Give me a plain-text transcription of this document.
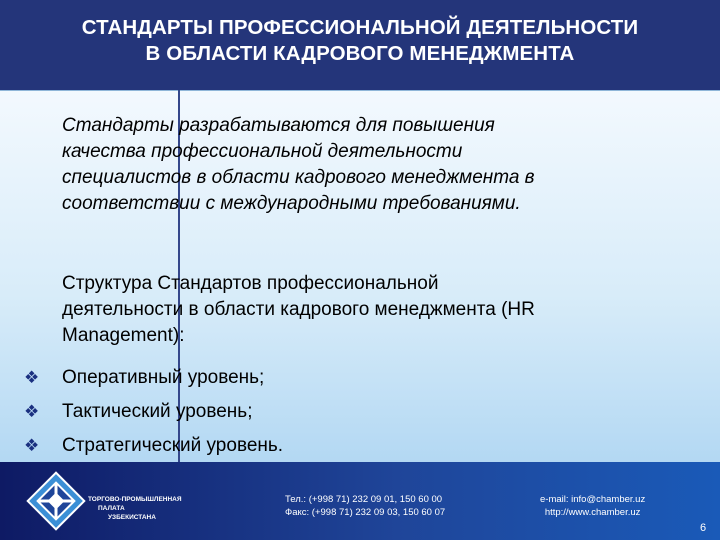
СТАНДАРТЫ ПРОФЕССИОНАЛЬНОЙ ДЕЯТЕЛЬНОСТИ
В ОБЛАСТИ КАДРОВОГО МЕНЕДЖМЕНТА

Стандарты разрабатываются для повышения
качества профессиональной деятельности
специалистов в области кадрового менеджмента в
соответствии с международными требованиями.

Структура Стандартов профессиональной
деятельности в области кадрового менеджмента (HR
Management):

❖	Оперативный уровень;
❖	Тактический уровень;
❖	Стратегический уровень.
ТОРГОВО-ПРОМЫШЛЕННАЯ
ПАЛАТА
УЗБЕКИСТАНА
Тел.: (+998 71) 232 09 01, 150 60 00
Факс: (+998 71) 232 09 03, 150 60 07
e-mail: info@chamber.uz
http://www.chamber.uz
6
